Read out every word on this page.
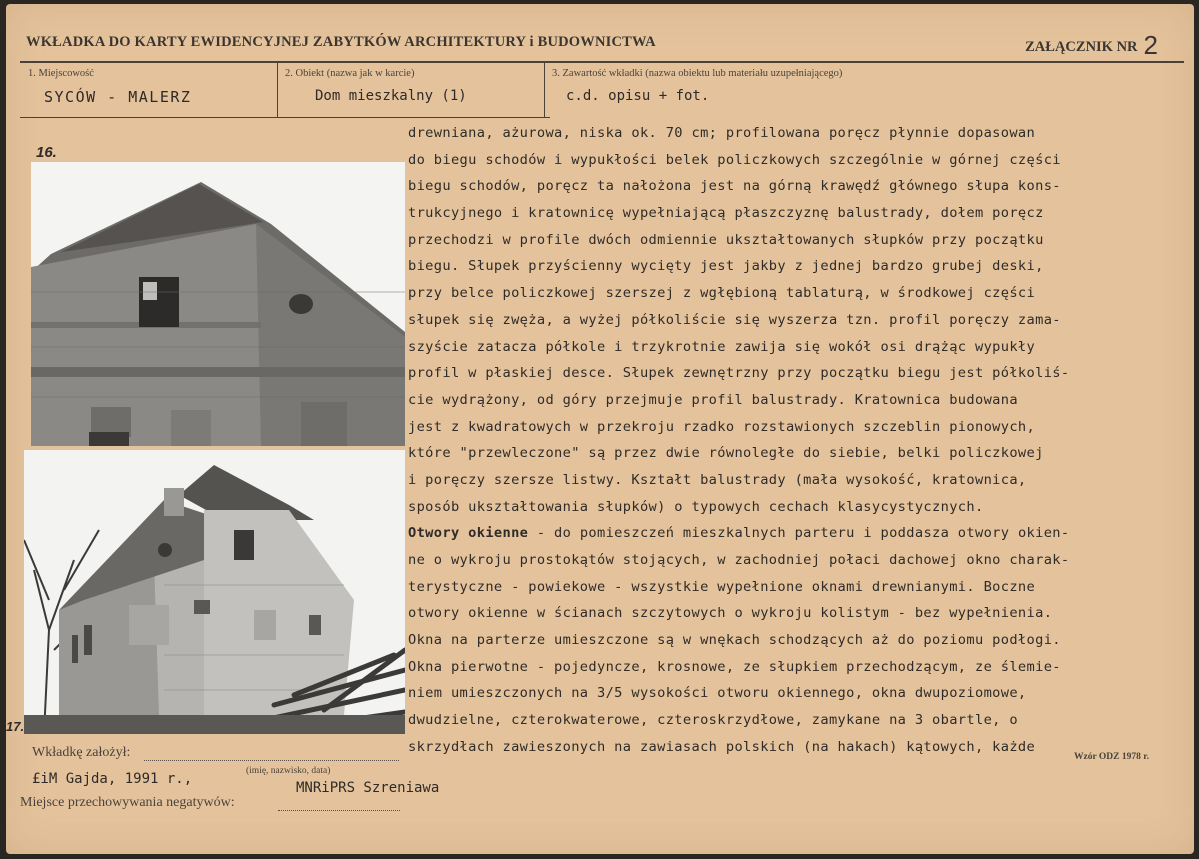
WKŁADKA DO KARTY EWIDENCYJNEJ ZABYTKÓW ARCHITEKTURY i BUDOWNICTWA	ZAŁĄCZNIK NR 2
1. Miejscowość
SYCÓW - MALERZ
2. Obiekt (nazwa jak w karcie)
Dom mieszkalny (1)
3. Zawartość wkładki (nazwa obiektu lub materiału uzupełniającego)
c.d. opisu + fot.
16.
17.
drewniana, ażurowa, niska ok. 70 cm; profilowana poręcz płynnie dopasowan
do biegu schodów i wypukłości belek policzkowych szczególnie w górnej części
biegu schodów, poręcz ta nałożona jest na górną krawędź głównego słupa kons-
trukcyjnego i kratownicę wypełniającą płaszczyznę balustrady, dołem poręcz
przechodzi w profile dwóch odmiennie ukształtowanych słupków przy początku
biegu. Słupek przyścienny wycięty jest jakby z jednej bardzo grubej deski,
przy belce policzkowej szerszej z wgłębioną tablaturą, w środkowej części
słupek się zwęża, a wyżej półkoliście się wyszerza tzn. profil poręczy zama-
szyście zatacza półkole i trzykrotnie zawija się wokół osi drążąc wypukły
profil w płaskiej desce. Słupek zewnętrzny przy początku biegu jest półkoliś-
cie wydrążony, od góry przejmuje profil balustrady. Kratownica budowana
jest z kwadratowych w przekroju rzadko rozstawionych szczeblin pionowych,
które "przewleczone" są przez dwie równoległe do siebie, belki policzkowej
i poręczy szersze listwy. Kształt balustrady (mała wysokość, kratownica,
sposób ukształtowania słupków) o typowych cechach klasycystycznych.
Otwory okienne - do pomieszczeń mieszkalnych parteru i poddasza otwory okien-
ne o wykroju prostokątów stojących, w zachodniej połaci dachowej okno charak-
terystyczne - powiekowe - wszystkie wypełnione oknami drewnianymi. Boczne
otwory okienne w ścianach szczytowych o wykroju kolistym - bez wypełnienia.
Okna na parterze umieszczone są w wnękach schodzących aż do poziomu podłogi.
Okna pierwotne - pojedyncze, krosnowe, ze słupkiem przechodzącym, ze ślemie-
niem umieszczonych na 3/5 wysokości otworu okiennego, okna dwupoziomowe,
dwudzielne, czterokwaterowe, czteroskrzydłowe, zamykane na 3 obartle, o
skrzydłach zawieszonych na zawiasach polskich (na hakach) kątowych, każde
Wkładkę założył:
(imię, nazwisko, data)
£iM Gajda, 1991 r.,
Miejsce przechowywania negatywów:
MNRiPRS Szreniawa
Wzór ODZ 1978 r.
